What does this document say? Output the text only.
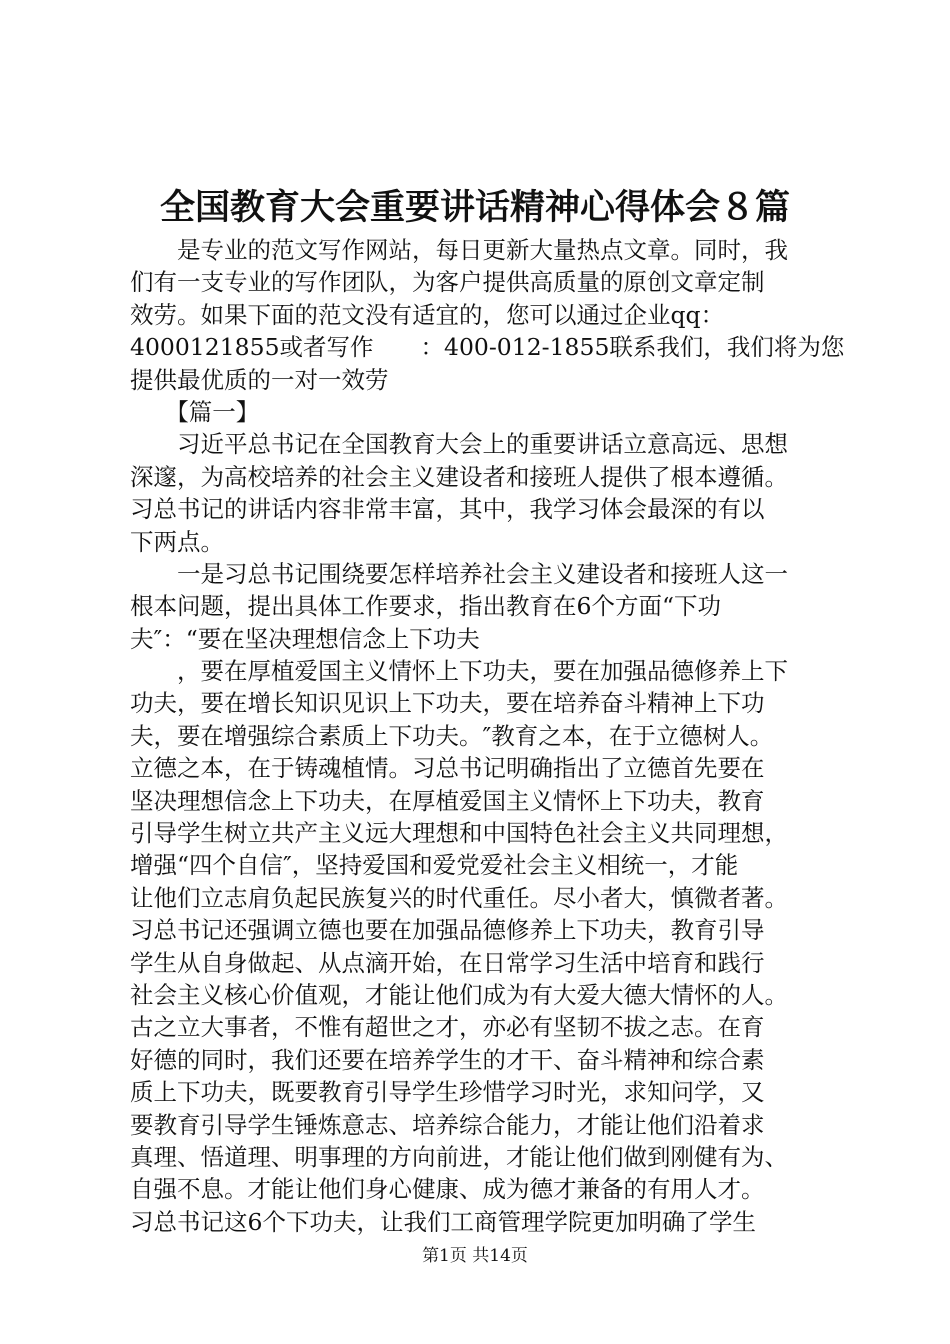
全国教育大会重要讲话精神心得体会８篇
　　是专业的范文写作网站，每日更新大量热点文章。同时，我
们有一支专业的写作团队，为客户提供高质量的原创文章定制
效劳。如果下面的范文没有适宜的，您可以通过企业qq：
4000121855或者写作　　：400-012-1855联系我们，我们将为您
提供最优质的一对一效劳
　　【篇一】
　　习近平总书记在全国教育大会上的重要讲话立意高远、思想
深邃，为高校培养的社会主义建设者和接班人提供了根本遵循。
习总书记的讲话内容非常丰富，其中，我学习体会最深的有以
下两点。
　　一是习总书记围绕要怎样培养社会主义建设者和接班人这一
根本问题，提出具体工作要求，指出教育在6个方面“下功
夫″：“要在坚决理想信念上下功夫
　　，要在厚植爱国主义情怀上下功夫，要在加强品德修养上下
功夫，要在增长知识见识上下功夫，要在培养奋斗精神上下功
夫，要在增强综合素质上下功夫。″教育之本，在于立德树人。
立德之本，在于铸魂植情。习总书记明确指出了立德首先要在
坚决理想信念上下功夫，在厚植爱国主义情怀上下功夫，教育
引导学生树立共产主义远大理想和中国特色社会主义共同理想，
增强“四个自信″，坚持爱国和爱党爱社会主义相统一，才能
让他们立志肩负起民族复兴的时代重任。尽小者大，慎微者著。
习总书记还强调立德也要在加强品德修养上下功夫，教育引导
学生从自身做起、从点滴开始，在日常学习生活中培育和践行
社会主义核心价值观，才能让他们成为有大爱大德大情怀的人。
古之立大事者，不惟有超世之才，亦必有坚韧不拔之志。在育
好德的同时，我们还要在培养学生的才干、奋斗精神和综合素
质上下功夫，既要教育引导学生珍惜学习时光，求知问学，又
要教育引导学生锤炼意志、培养综合能力，才能让他们沿着求
真理、悟道理、明事理的方向前进，才能让他们做到刚健有为、
自强不息。才能让他们身心健康、成为德才兼备的有用人才。
习总书记这6个下功夫，让我们工商管理学院更加明确了学生
第1页 共14页
